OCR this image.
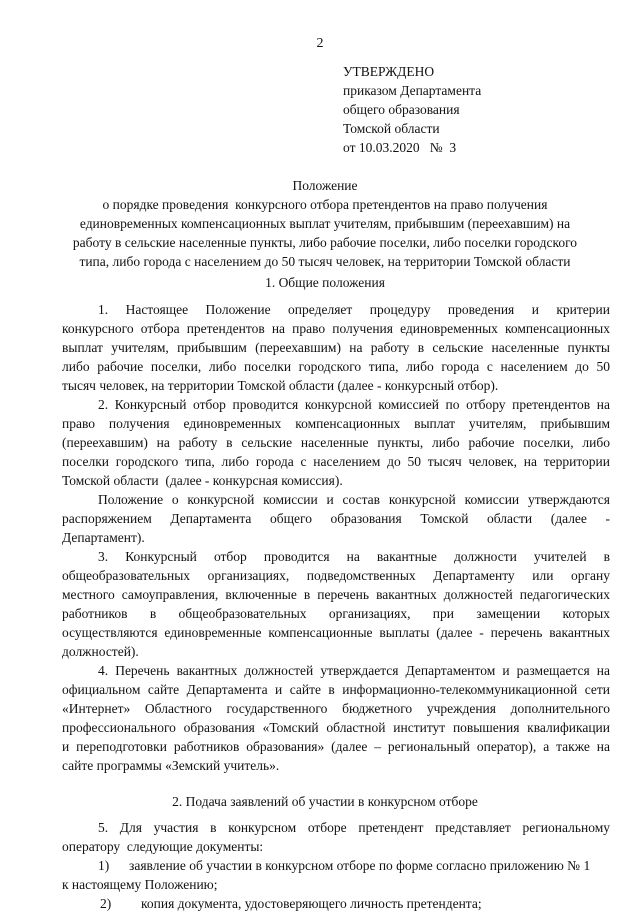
2
УТВЕРЖДЕНО
приказом Департамента
общего образования
Томской области
от 10.03.2020   №  3
Положение
о порядке проведения  конкурсного отбора претендентов на право получения
единовременных компенсационных выплат учителям, прибывшим (переехавшим) на
работу в сельские населенные пункты, либо рабочие поселки, либо поселки городского
типа, либо города с населением до 50 тысяч человек, на территории Томской области
1. Общие положения

1. Настоящее Положение определяет процедуру проведения и критерии
конкурсного отбора претендентов на право получения единовременных компенсационных
выплат учителям, прибывшим (переехавшим) на работу в сельские населенные пункты
либо рабочие поселки, либо поселки городского типа, либо города с населением до 50
тысяч человек, на территории Томской области (далее - конкурсный отбор).

2. Конкурсный отбор проводится конкурсной комиссией по отбору претендентов на
право получения единовременных компенсационных выплат учителям, прибывшим
(переехавшим) на работу в сельские населенные пункты, либо рабочие поселки, либо
поселки городского типа, либо города с населением до 50 тысяч человек, на территории
Томской области  (далее - конкурсная комиссия).

Положение о конкурсной комиссии и состав конкурсной комиссии утверждаются
распоряжением Департамента общего образования Томской области (далее -
Департамент).

3. Конкурсный отбор проводится на вакантные должности учителей в
общеобразовательных организациях, подведомственных Департаменту или органу
местного самоуправления, включенные в перечень вакантных должностей педагогических
работников в общеобразовательных организациях, при замещении которых
осуществляются единовременные компенсационные выплаты (далее - перечень вакантных
должностей).

4. Перечень вакантных должностей утверждается Департаментом и размещается на
официальном сайте Департамента и сайте в информационно-телекоммуникационной сети
«Интернет» Областного государственного бюджетного учреждения дополнительного
профессионального образования «Томский областной институт повышения квалификации
и переподготовки работников образования» (далее – региональный оператор), а также на
сайте программы «Земский учитель».

2. Подача заявлений об участии в конкурсном отборе

5. Для участия в конкурсном отборе претендент представляет региональному
оператору  следующие документы:

1) заявление об участии в конкурсном отборе по форме согласно приложению № 1
к настоящему Положению;
2) копия документа, удостоверяющего личность претендента;
